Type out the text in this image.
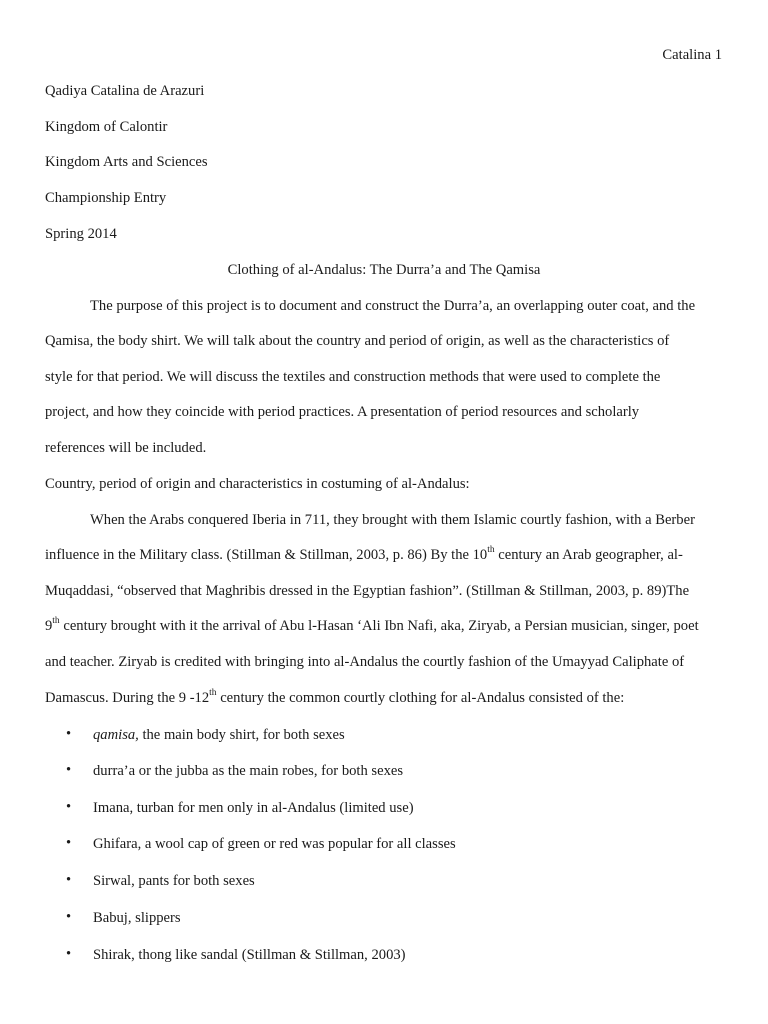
Catalina 1
Qadiya Catalina de Arazuri
Kingdom of Calontir
Kingdom Arts and Sciences
Championship Entry
Spring 2014
Clothing of al-Andalus: The Durra’a and The Qamisa
The purpose of this project is to document and construct the Durra’a, an overlapping outer coat, and the
Qamisa, the body shirt. We will talk about the country and period of origin, as well as the characteristics of
style for that period. We will discuss the textiles and construction methods that were used to complete the
project, and how they coincide with period practices. A presentation of period resources and scholarly
references will be included.
Country, period of origin and characteristics in costuming of al-Andalus:
When the Arabs conquered Iberia in 711, they brought with them Islamic courtly fashion, with a Berber
influence in the Military class. (Stillman & Stillman, 2003, p. 86) By the 10th century an Arab geographer, al-
Muqaddasi, “observed that Maghribis dressed in the Egyptian fashion”. (Stillman & Stillman, 2003, p. 89)The
9th century brought with it the arrival of Abu l-Hasan ‘Ali Ibn Nafi, aka, Ziryab, a Persian musician, singer, poet
and teacher. Ziryab is credited with bringing into al-Andalus the courtly fashion of the Umayyad Caliphate of
Damascus. During the 9 -12th century the common courtly clothing for al-Andalus consisted of the:
• qamisa, the main body shirt, for both sexes
• durra’a or the jubba as the main robes, for both sexes
• Imana, turban for men only in al-Andalus (limited use)
• Ghifara, a wool cap of green or red was popular for all classes
• Sirwal, pants for both sexes
• Babuj, slippers
• Shirak, thong like sandal (Stillman & Stillman, 2003)
